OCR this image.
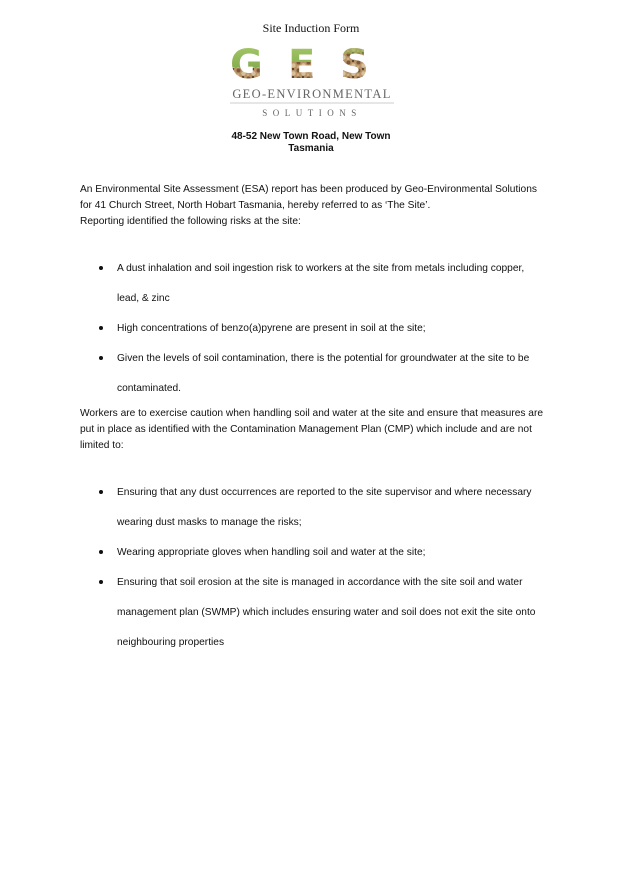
Site Induction Form
GEO-ENVIRONMENTAL
SOLUTIONS
48-52 New Town Road, New Town
Tasmania
An Environmental Site Assessment (ESA) report has been produced by Geo-Environmental Solutions
for 41 Church Street, North Hobart Tasmania, hereby referred to as ‘The Site’.
Reporting identified the following risks at the site:
A dust inhalation and soil ingestion risk to workers at the site from metals including copper, lead, & zinc
High concentrations of benzo(a)pyrene are present in soil at the site;
Given the levels of soil contamination, there is the potential for groundwater at the site to be contaminated.
Workers are to exercise caution when handling soil and water at the site and ensure that measures are put in place as identified with the Contamination Management Plan (CMP) which include and are not limited to:
Ensuring that any dust occurrences are reported to the site supervisor and where necessary wearing dust masks to manage the risks;
Wearing appropriate gloves when handling soil and water at the site;
Ensuring that soil erosion at the site is managed in accordance with the site soil and water management plan (SWMP) which includes ensuring water and soil does not exit the site onto neighbouring properties
